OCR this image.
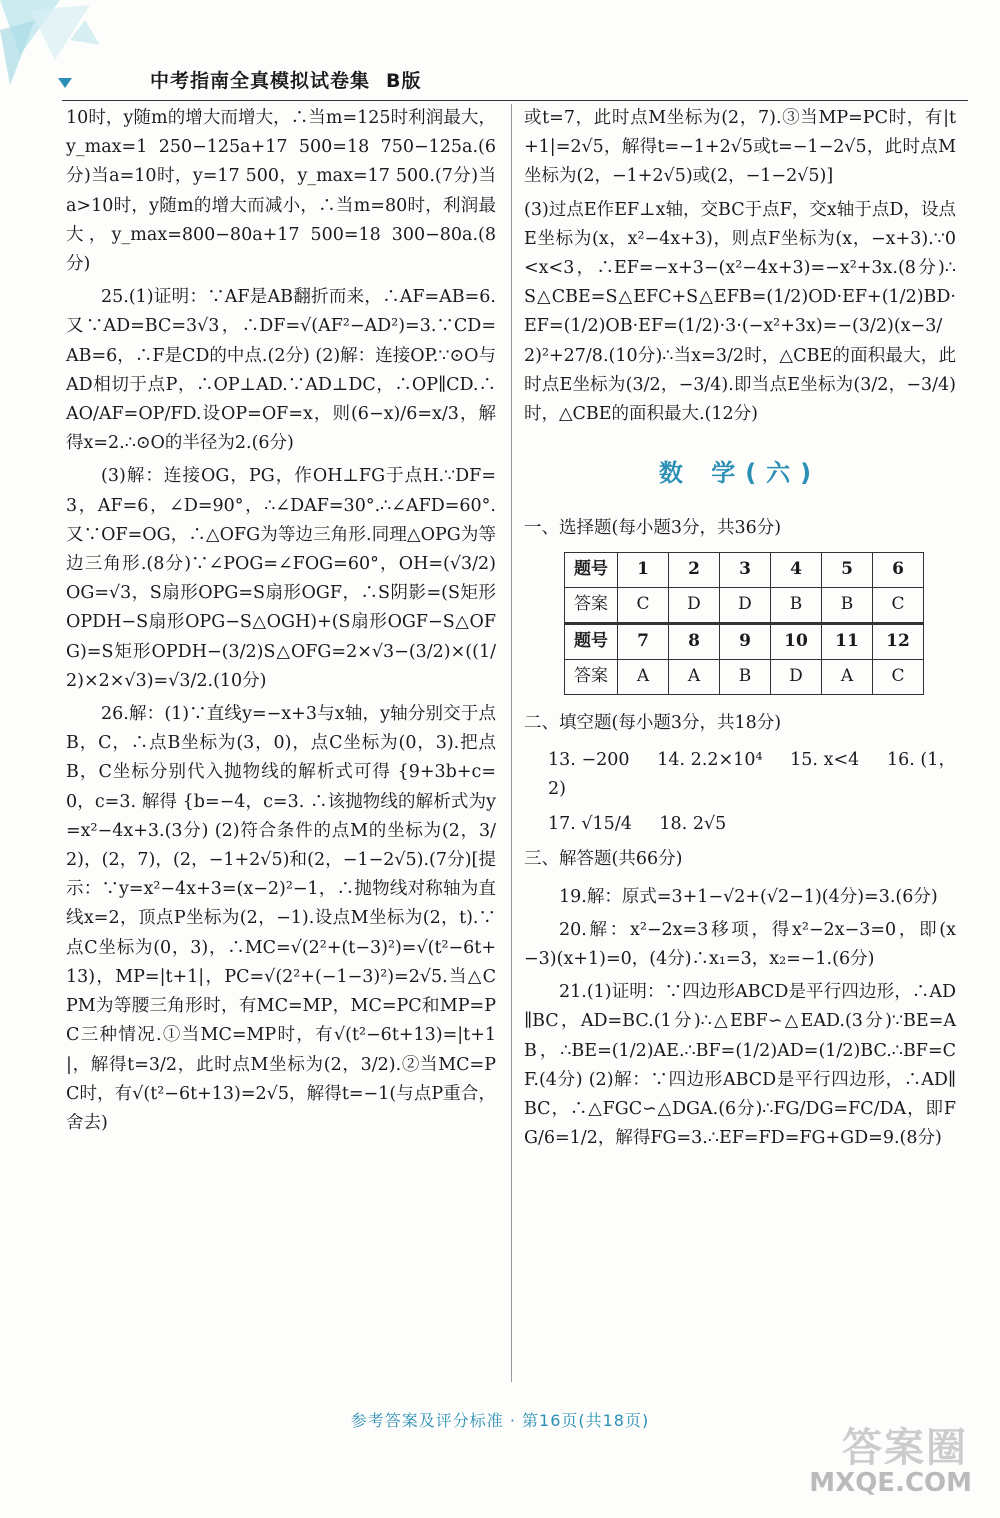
中考指南全真模拟试卷集 B版

10时，y随m的增大而增大，∴当m=125时利润最大，y_max=1 250−125a+17 500=18 750−125a.(6分)当a=10时，y=17 500，y_max=17 500.(7分)当a>10时，y随m的增大而减小，∴当m=80时，利润最大，y_max=800−80a+17 500=18 300−80a.(8分)

25.(1)证明：∵AF是AB翻折而来，∴AF=AB=6.又∵AD=BC=3√3，∴DF=√(AF²−AD²)=3.∵CD=AB=6，∴F是CD的中点.(2分) (2)解：连接OP.∵⊙O与AD相切于点P，∴OP⊥AD.∵AD⊥DC，∴OP∥CD.∴AO/AF=OP/FD.设OP=OF=x，则(6−x)/6=x/3，解得x=2.∴⊙O的半径为2.(6分)

(3)解：连接OG，PG，作OH⊥FG于点H.∵DF=3，AF=6，∠D=90°，∴∠DAF=30°.∴∠AFD=60°.又∵OF=OG，∴△OFG为等边三角形.同理△OPG为等边三角形.(8分)∵∠POG=∠FOG=60°，OH=(√3/2)OG=√3，S扇形OPG=S扇形OGF，∴S阴影=(S矩形OPDH−S扇形OPG−S△OGH)+(S扇形OGF−S△OFG)=S矩形OPDH−(3/2)S△OFG=2×√3−(3/2)×((1/2)×2×√3)=√3/2.(10分)

26.解：(1)∵直线y=−x+3与x轴，y轴分别交于点B，C，∴点B坐标为(3，0)，点C坐标为(0，3).把点B，C坐标分别代入抛物线的解析式可得 {9+3b+c=0，c=3. 解得 {b=−4，c=3. ∴该抛物线的解析式为y=x²−4x+3.(3分) (2)符合条件的点M的坐标为(2，3/2)，(2，7)，(2，−1+2√5)和(2，−1−2√5).(7分)[提示：∵y=x²−4x+3=(x−2)²−1，∴抛物线对称轴为直线x=2，顶点P坐标为(2，−1).设点M坐标为(2，t).∵点C坐标为(0，3)，∴MC=√(2²+(t−3)²)=√(t²−6t+13)，MP=|t+1|，PC=√(2²+(−1−3)²)=2√5.当△CPM为等腰三角形时，有MC=MP，MC=PC和MP=PC三种情况.①当MC=MP时，有√(t²−6t+13)=|t+1|，解得t=3/2，此时点M坐标为(2，3/2).②当MC=PC时，有√(t²−6t+13)=2√5，解得t=−1(与点P重合，舍去)

或t=7，此时点M坐标为(2，7).③当MP=PC时，有|t+1|=2√5，解得t=−1+2√5或t=−1−2√5，此时点M坐标为(2，−1+2√5)或(2，−1−2√5)]

(3)过点E作EF⊥x轴，交BC于点F，交x轴于点D，设点E坐标为(x，x²−4x+3)，则点F坐标为(x，−x+3).∵0<x<3，∴EF=−x+3−(x²−4x+3)=−x²+3x.(8分)∴S△CBE=S△EFC+S△EFB=(1/2)OD·EF+(1/2)BD·EF=(1/2)OB·EF=(1/2)·3·(−x²+3x)=−(3/2)(x−3/2)²+27/8.(10分)∴当x=3/2时，△CBE的面积最大，此时点E坐标为(3/2，−3/4).即当点E坐标为(3/2，−3/4)时，△CBE的面积最大.(12分)

数 学(六)
一、选择题(每小题3分，共36分)
题号	1	2	3	4	5	6
答案	C	D	D	B	B	C
题号	7	8	9	10	11	12
答案	A	A	B	D	A	C
二、填空题(每小题3分，共18分)
13. −200 14. 2.2×10⁴ 15. x<4 16. (1，2)
17. √15/4 18. 2√5
三、解答题(共66分)

19.解：原式=3+1−√2+(√2−1)(4分)=3.(6分)

20.解：x²−2x=3移项，得x²−2x−3=0，即(x−3)(x+1)=0，(4分)∴x₁=3，x₂=−1.(6分)

21.(1)证明：∵四边形ABCD是平行四边形，∴AD∥BC，AD=BC.(1分)∴△EBF∽△EAD.(3分)∵BE=AB，∴BE=(1/2)AE.∴BF=(1/2)AD=(1/2)BC.∴BF=CF.(4分) (2)解：∵四边形ABCD是平行四边形，∴AD∥BC，∴△FGC∽△DGA.(6分)∴FG/DG=FC/DA，即FG/6=1/2，解得FG=3.∴EF=FD=FG+GD=9.(8分)

参考答案及评分标准 · 第16页(共18页)
答案圈
MXQE.COM
